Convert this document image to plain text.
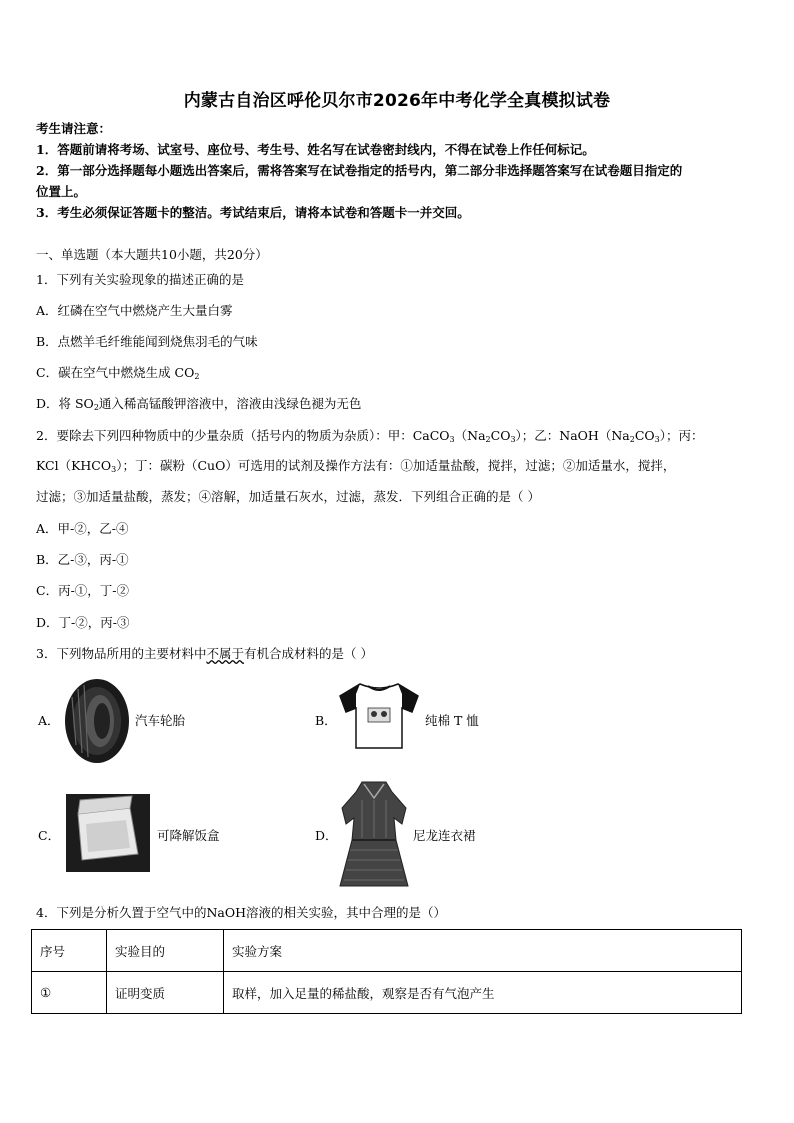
内蒙古自治区呼伦贝尔市2026年中考化学全真模拟试卷
考生请注意：
1．答题前请将考场、试室号、座位号、考生号、姓名写在试卷密封线内，不得在试卷上作任何标记。
2．第一部分选择题每小题选出答案后，需将答案写在试卷指定的括号内，第二部分非选择题答案写在试卷题目指定的
位置上。
3．考生必须保证答题卡的整洁。考试结束后，请将本试卷和答题卡一并交回。
一、单选题（本大题共10小题，共20分）
1．下列有关实验现象的描述正确的是
A．红磷在空气中燃烧产生大量白雾
B．点燃羊毛纤维能闻到烧焦羽毛的气味
C．碳在空气中燃烧生成 $CO_2$
D．将 $SO_2$通入稀高锰酸钾溶液中，溶液由浅绿色褪为无色
2．要除去下列四种物质中的少量杂质（括号内的物质为杂质）：甲：$CaCO_3(Na_2CO_3)$；乙：$NaOH(Na_2CO_3)$；丙：
$KCl(KHCO_3)$；丁：碳粉（CuO）可选用的试剂及操作方法有：①加适量盐酸，搅拌，过滤；②加适量水，搅拌，
过滤；③加适量盐酸，蒸发；④溶解，加适量石灰水，过滤，蒸发．下列组合正确的是（ ）
A．甲-②，乙-④
B．乙-③，丙-①
C．丙-①，丁-②
D．丁-②，丙-③
3．下列物品所用的主要材料中不属于有机合成材料的是（ ）
A．	汽车轮胎	B．	纯棉 T 恤
C．	可降解饭盒	D．	尼龙连衣裙
4．下列是分析久置于空气中的NaOH溶液的相关实验，其中合理的是（）
序号	实验目的	实验方案
①	证明变质	取样，加入足量的稀盐酸，观察是否有气泡产生
